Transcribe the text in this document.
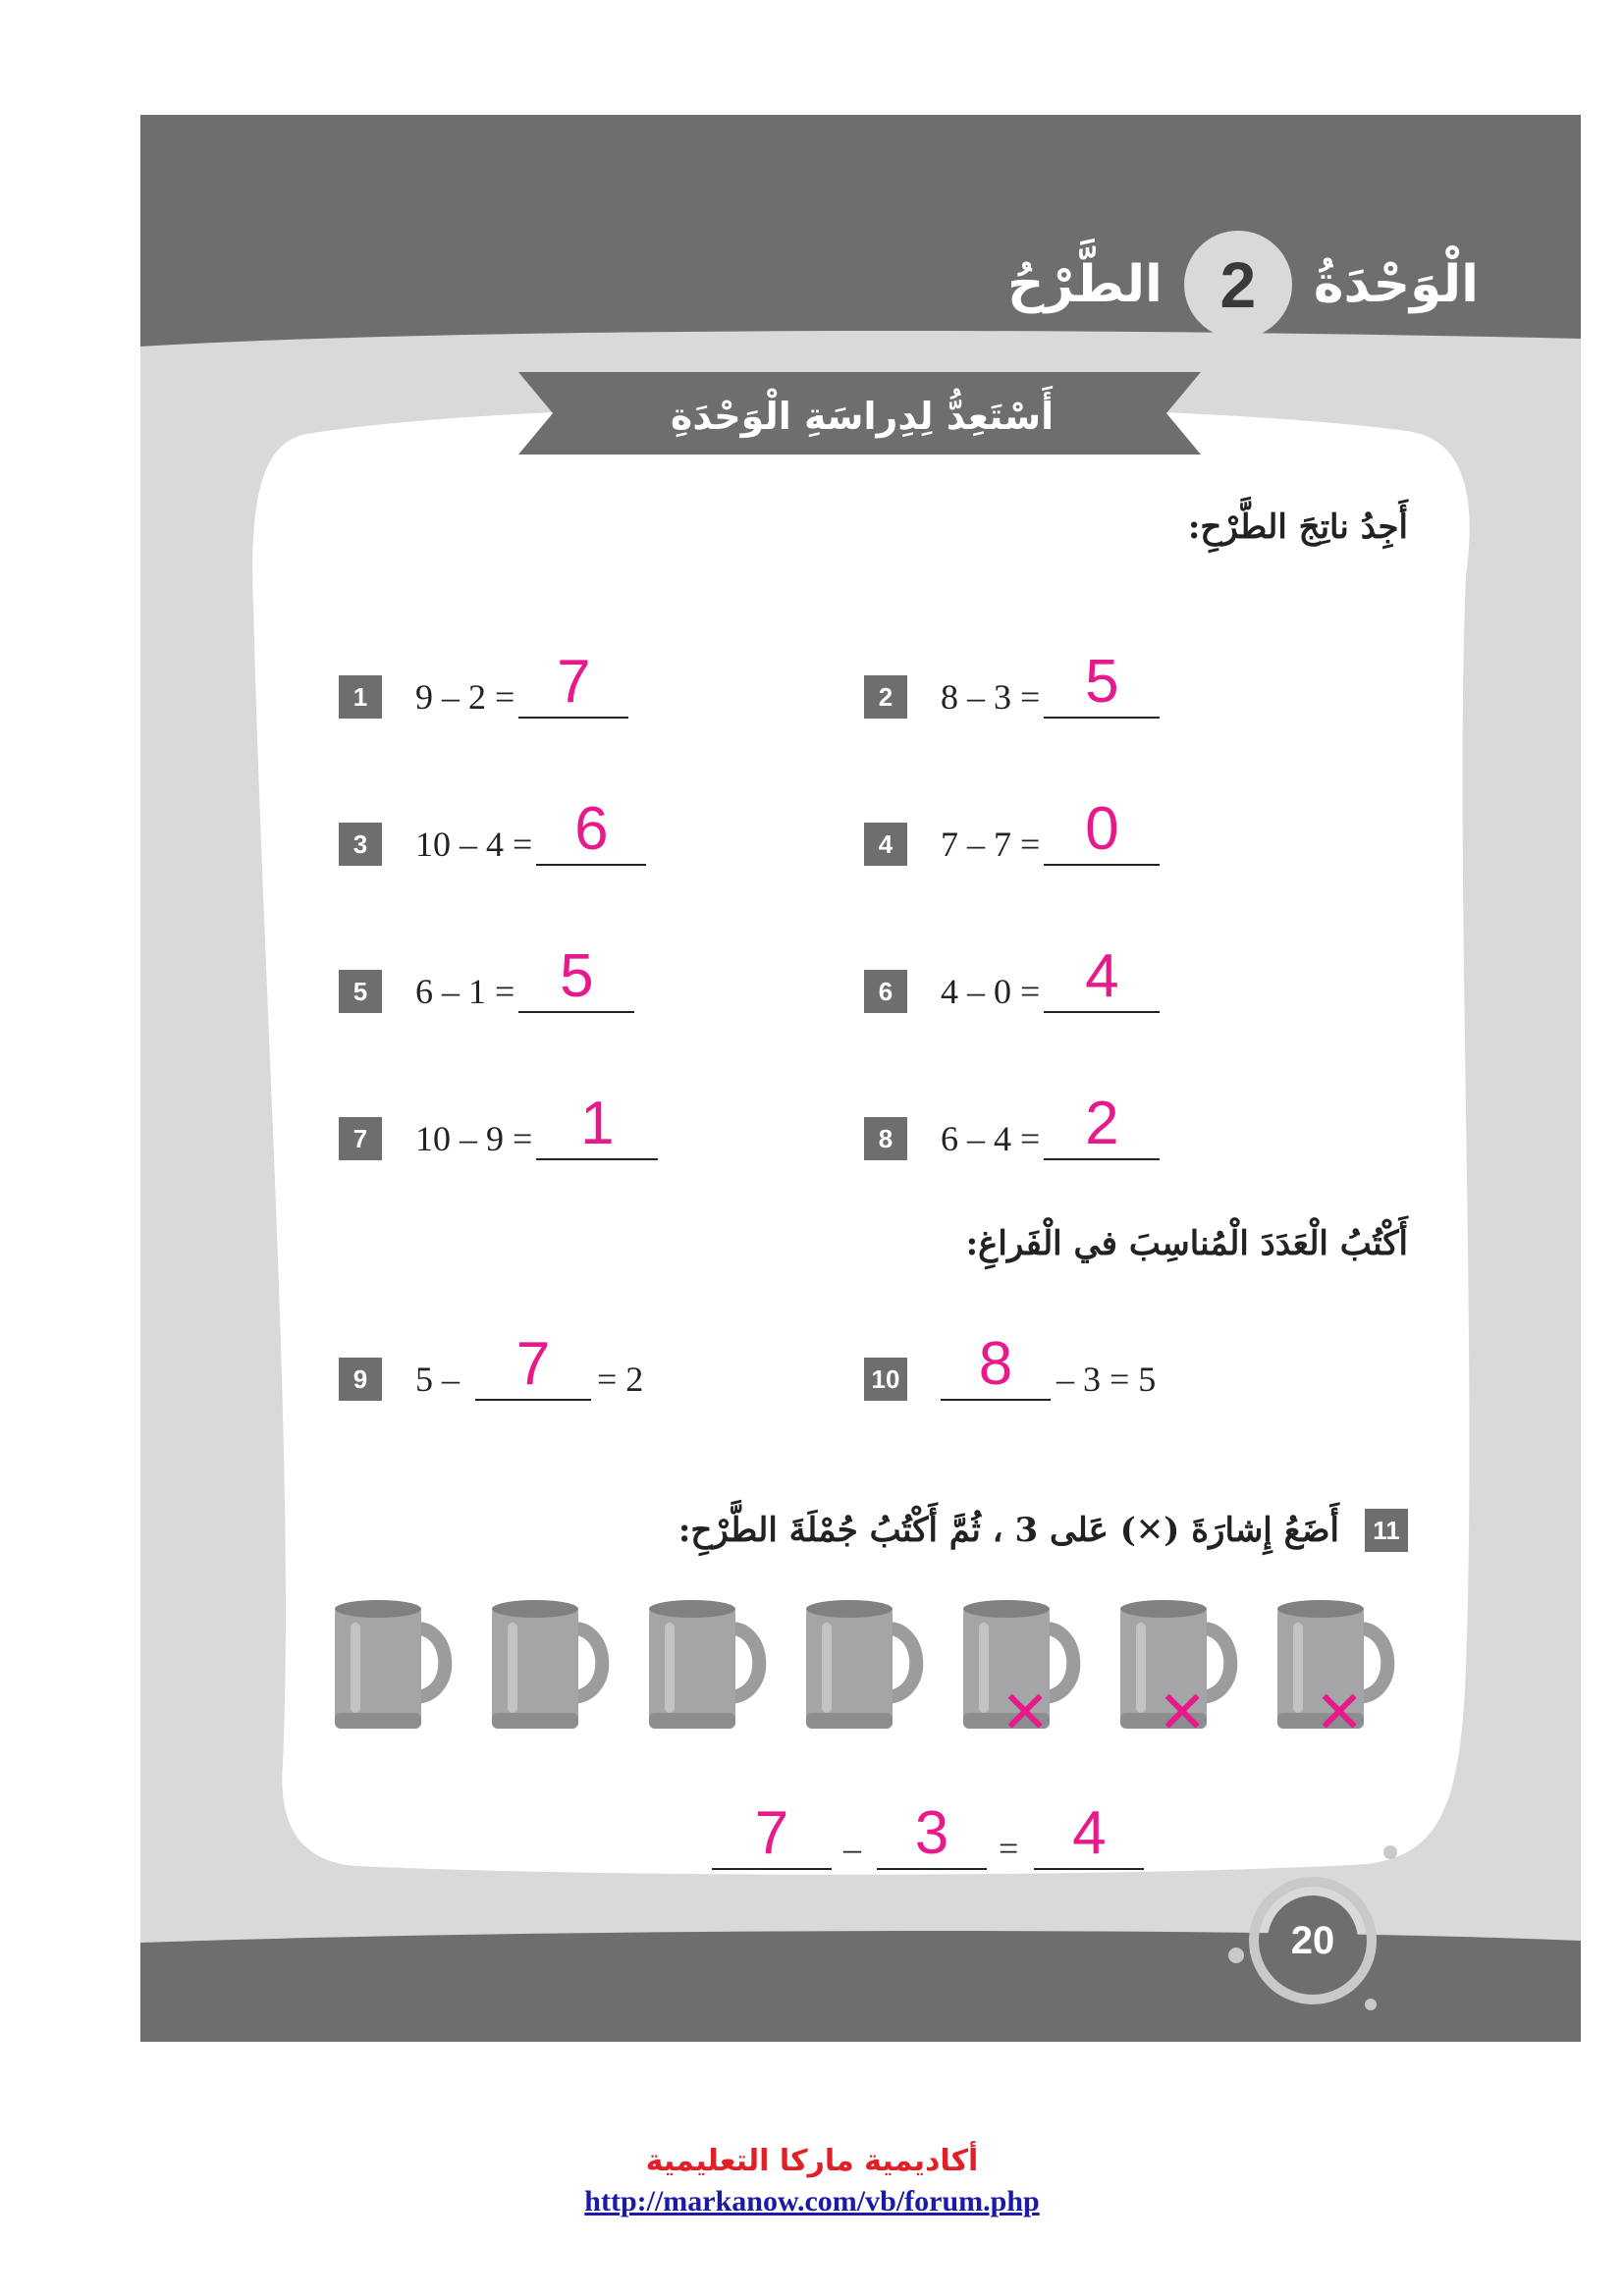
الْوَحْدَةُ
2
الطَّرْحُ
أَسْتَعِدُّ لِدِراسَةِ الْوَحْدَةِ
أَجِدُ ناتِجَ الطَّرْحِ:
1	9 – 2 = 7	2	8 – 3 = 5
3	10 – 4 = 6	4	7 – 7 = 0
5	6 – 1 = 5	6	4 – 0 = 4
7	10 – 9 = 1	8	6 – 4 = 2
أَكْتُبُ الْعَدَدَ الْمُناسِبَ في الْفَراغِ:
9	5 – 7	= 2	10	8	– 3 = 5
11
أَضَعُ إِشارَةَ (
✕
) عَلى 3 ، ثُمَّ أَكْتُبُ جُمْلَةَ الطَّرْحِ:
✕ ✕ ✕
7	– 3	= 4
20
أكاديمية ماركا التعليمية
http://markanow.com/vb/forum.php
